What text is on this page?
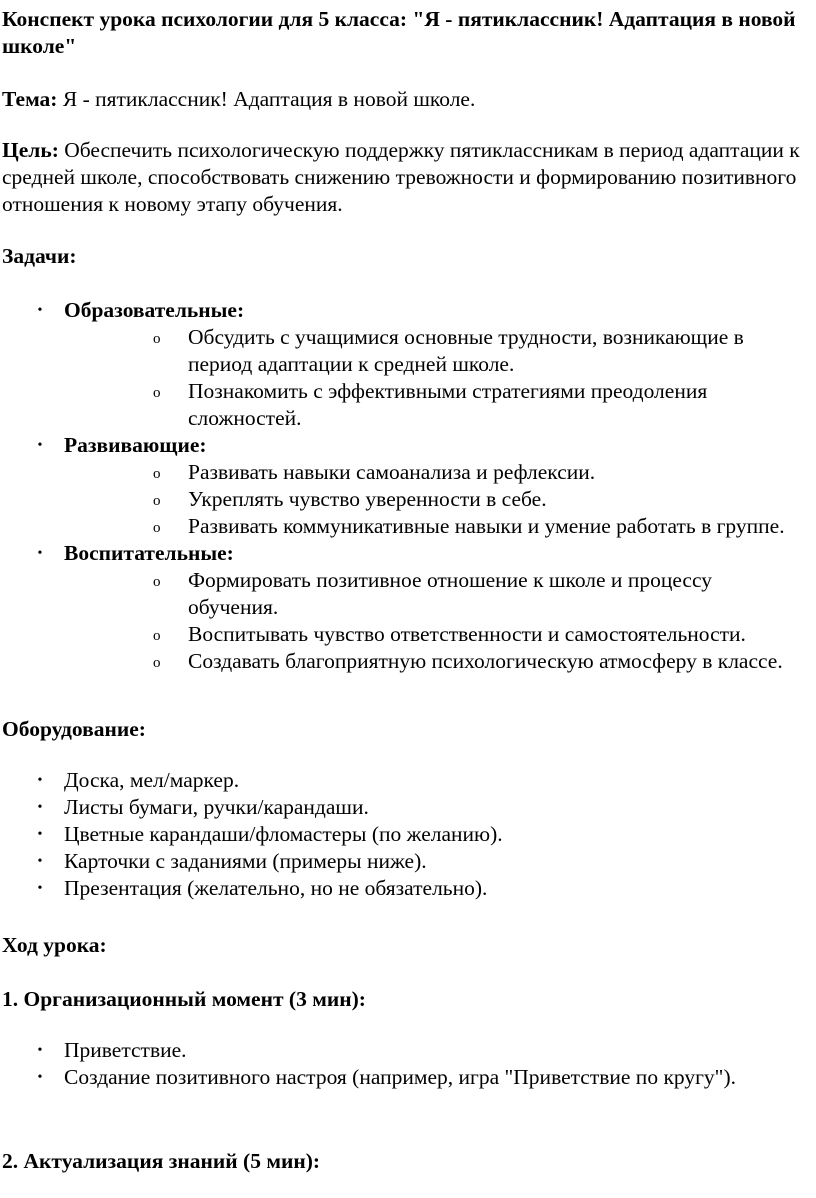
Конспект урока психологии для 5 класса: "Я - пятиклассник! Адаптация в новой школе"

Тема: Я - пятиклассник! Адаптация в новой школе.

Цель: Обеспечить психологическую поддержку пятиклассникам в период адаптации к средней школе, способствовать снижению тревожности и формированию позитивного отношения к новому этапу обучения.

Задачи:

•	Образовательные:
o Обсудить с учащимися основные трудности, возникающие в период адаптации к средней школе.
o Познакомить с эффективными стратегиями преодоления сложностей.
•	Развивающие:
o Развивать навыки самоанализа и рефлексии.
o Укреплять чувство уверенности в себе.
o Развивать коммуникативные навыки и умение работать в группе.
•	Воспитательные:
o Формировать позитивное отношение к школе и процессу обучения.
o Воспитывать чувство ответственности и самостоятельности.
o Создавать благоприятную психологическую атмосферу в классе.

Оборудование:

•	Доска, мел/маркер.
•	Листы бумаги, ручки/карандаши.
•	Цветные карандаши/фломастеры (по желанию).
•	Карточки с заданиями (примеры ниже).
•	Презентация (желательно, но не обязательно).

Ход урока:

1. Организационный момент (3 мин):

•	Приветствие.
•	Создание позитивного настроя (например, игра "Приветствие по кругу").

2. Актуализация знаний (5 мин):
